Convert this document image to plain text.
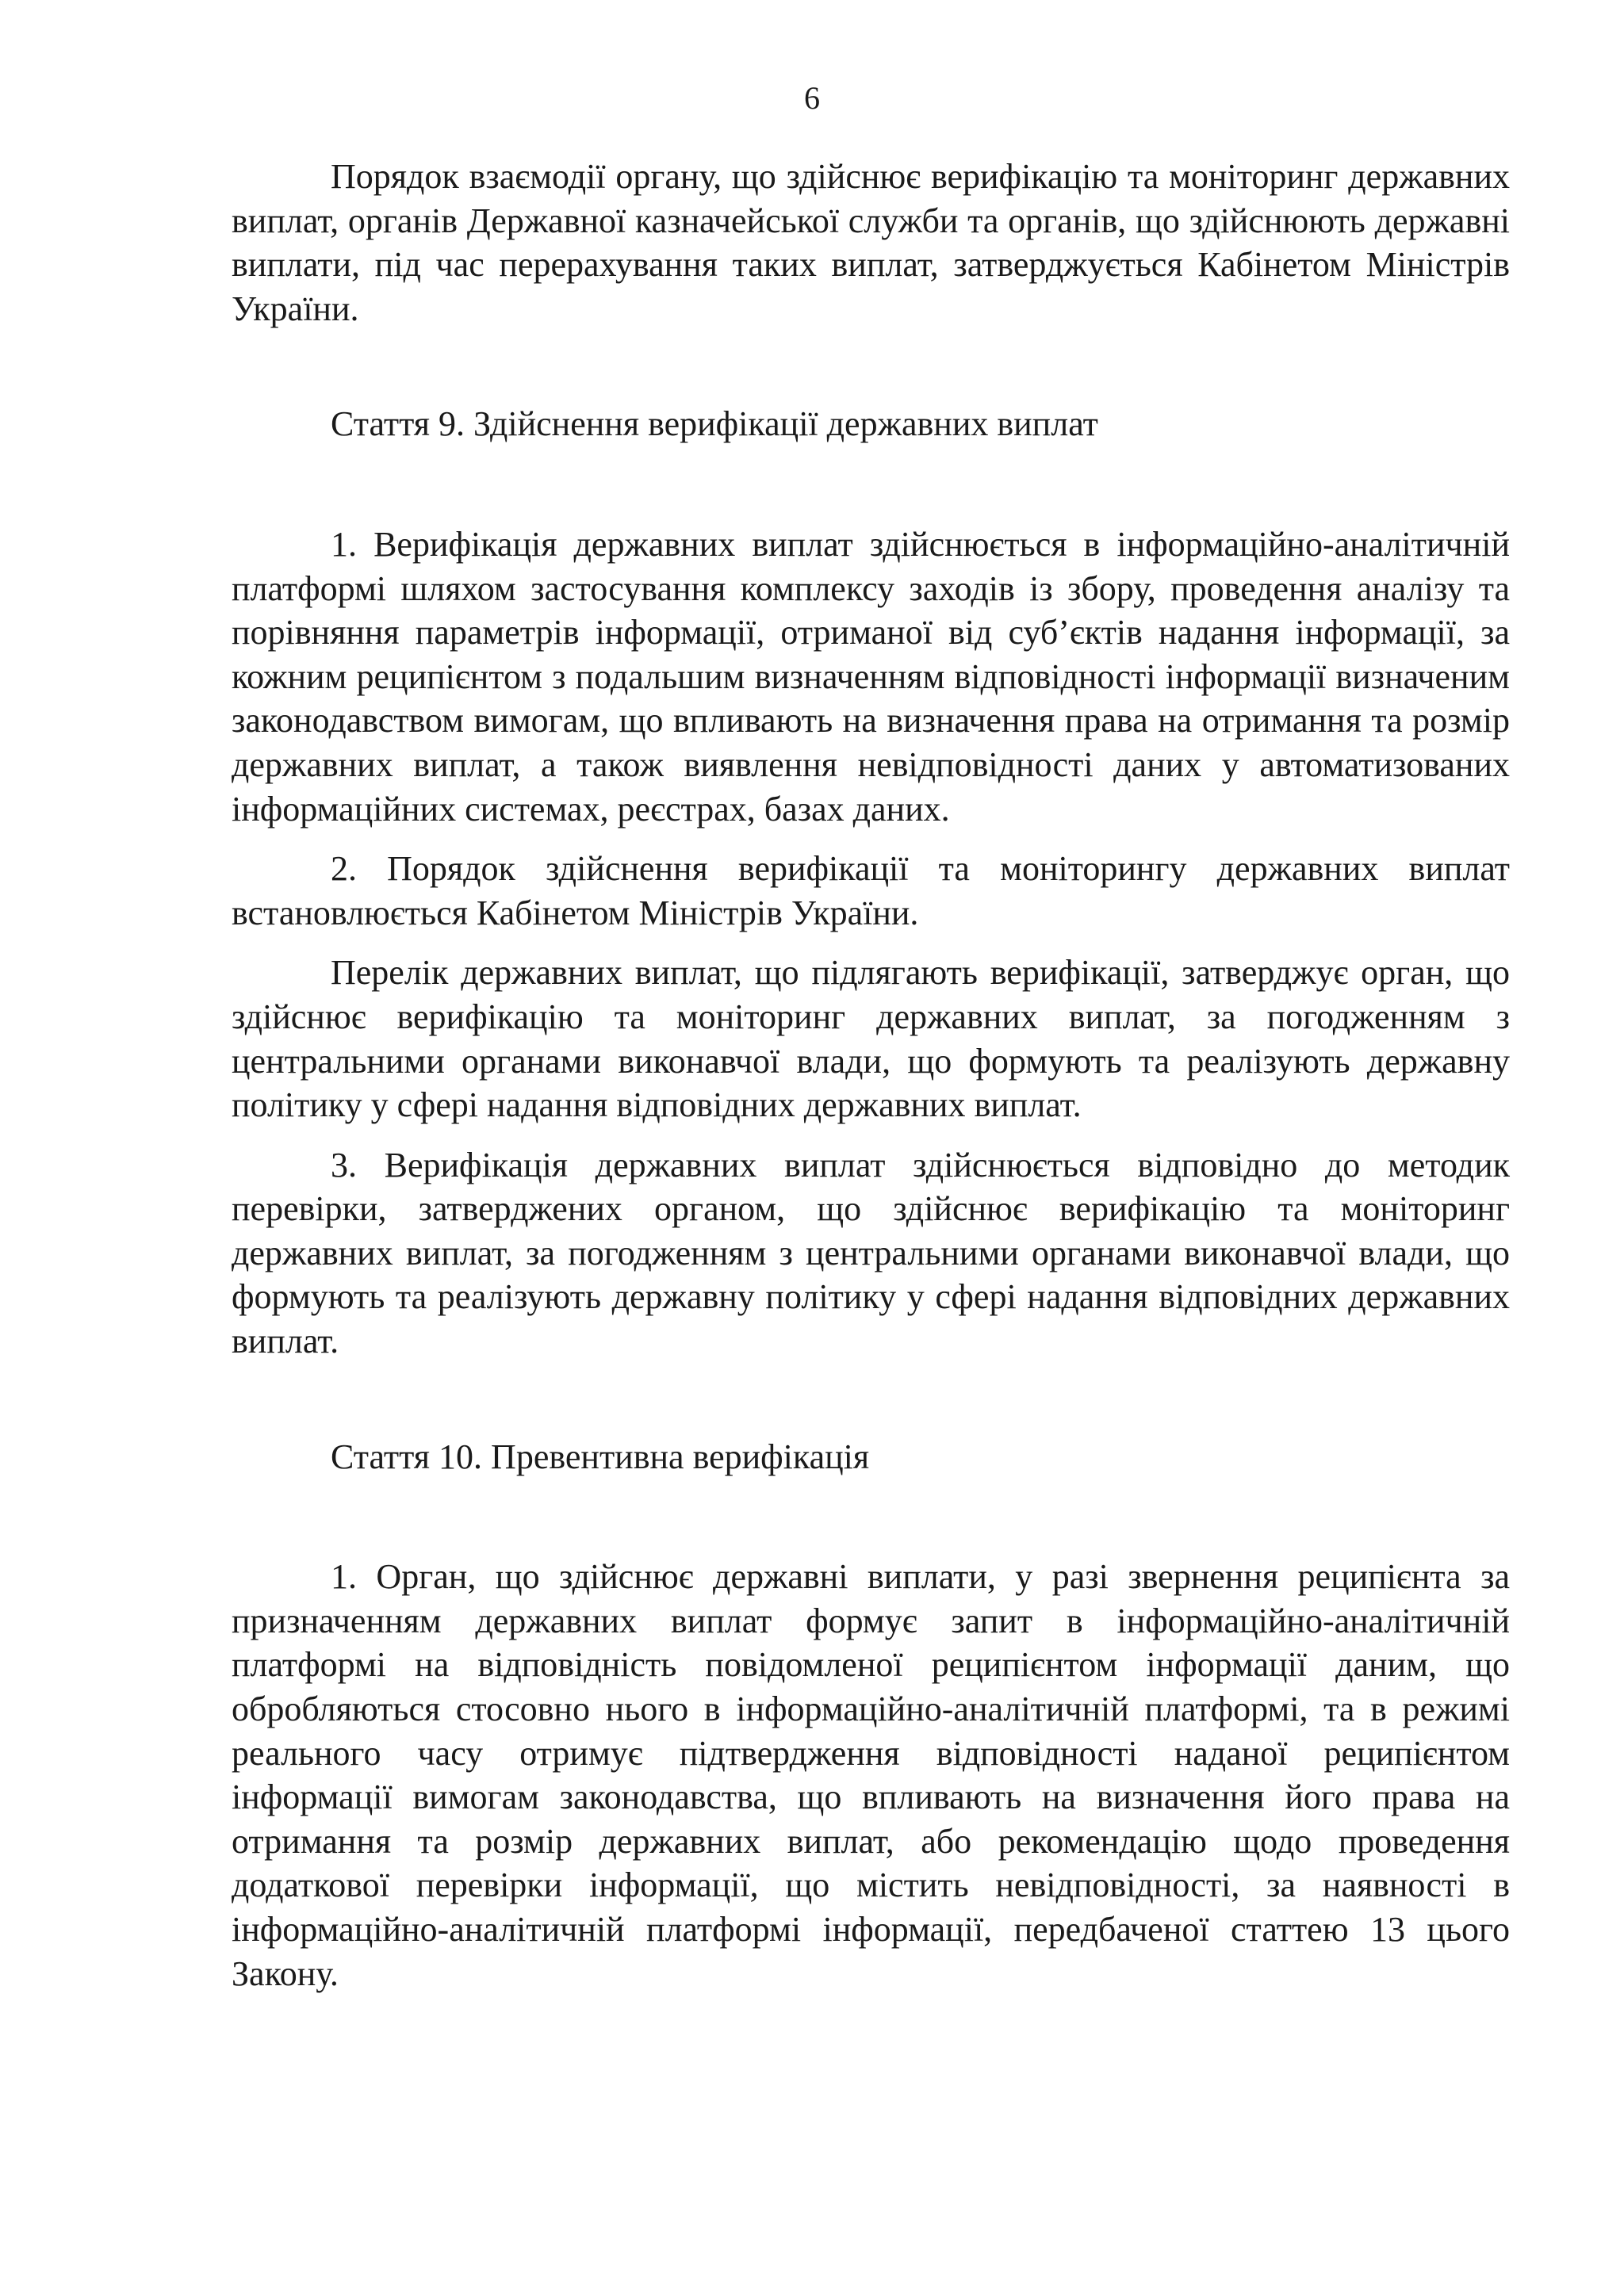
6

Порядок взаємодії органу, що здійснює верифікацію та моніторинг державних виплат, органів Державної казначейської служби та органів, що здійснюють державні виплати, під час перерахування таких виплат, затверджується Кабінетом Міністрів України.

Стаття 9. Здійснення верифікації державних виплат

1. Верифікація державних виплат здійснюється в інформаційно-аналітичній платформі шляхом застосування комплексу заходів із збору, проведення аналізу та порівняння параметрів інформації, отриманої від суб’єктів надання інформації, за кожним реципієнтом з подальшим визначенням відповідності інформації визначеним законодавством вимогам, що впливають на визначення права на отримання та розмір державних виплат, а також виявлення невідповідності даних у автоматизованих інформаційних системах, реєстрах, базах даних.

2. Порядок здійснення верифікації та моніторингу державних виплат встановлюється Кабінетом Міністрів України.

Перелік державних виплат, що підлягають верифікації, затверджує орган, що здійснює верифікацію та моніторинг державних виплат, за погодженням з центральними органами виконавчої влади, що формують та реалізують державну політику у сфері надання відповідних державних виплат.

3. Верифікація державних виплат здійснюється відповідно до методик перевірки, затверджених органом, що здійснює верифікацію та моніторинг державних виплат, за погодженням з центральними органами виконавчої влади, що формують та реалізують державну політику у сфері надання відповідних державних виплат.

Стаття 10. Превентивна верифікація

1. Орган, що здійснює державні виплати, у разі звернення реципієнта за призначенням державних виплат формує запит в інформаційно-аналітичній платформі на відповідність повідомленої реципієнтом інформації даним, що обробляються стосовно нього в інформаційно-аналітичній платформі, та в режимі реального часу отримує підтвердження відповідності наданої реципієнтом інформації вимогам законодавства, що впливають на визначення його права на отримання та розмір державних виплат, або рекомендацію щодо проведення додаткової перевірки інформації, що містить невідповідності, за наявності в інформаційно-аналітичній платформі інформації, передбаченої статтею 13 цього Закону.
